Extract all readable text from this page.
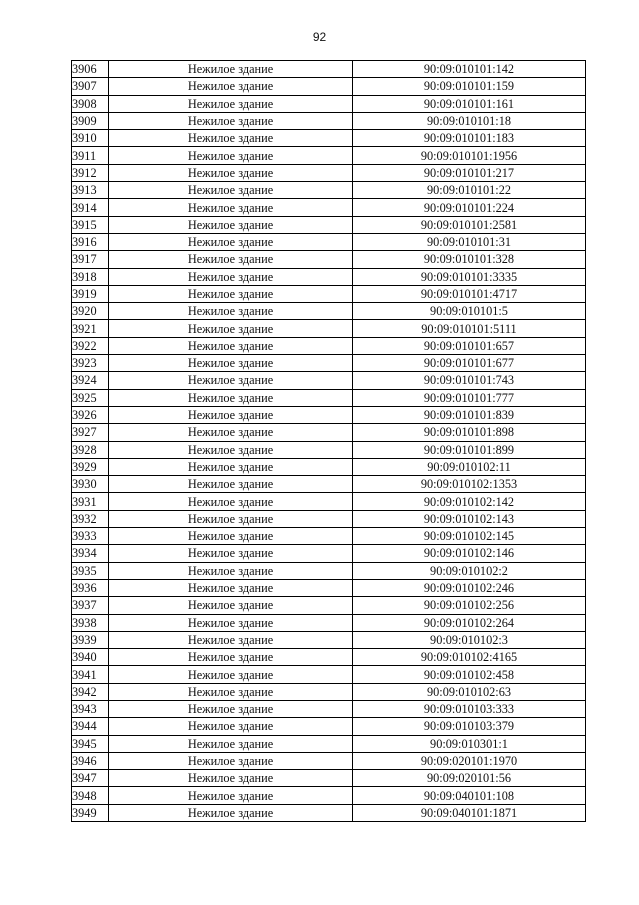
92
3906	Нежилое здание	90:09:010101:142
3907	Нежилое здание	90:09:010101:159
3908	Нежилое здание	90:09:010101:161
3909	Нежилое здание	90:09:010101:18
3910	Нежилое здание	90:09:010101:183
3911	Нежилое здание	90:09:010101:1956
3912	Нежилое здание	90:09:010101:217
3913	Нежилое здание	90:09:010101:22
3914	Нежилое здание	90:09:010101:224
3915	Нежилое здание	90:09:010101:2581
3916	Нежилое здание	90:09:010101:31
3917	Нежилое здание	90:09:010101:328
3918	Нежилое здание	90:09:010101:3335
3919	Нежилое здание	90:09:010101:4717
3920	Нежилое здание	90:09:010101:5
3921	Нежилое здание	90:09:010101:5111
3922	Нежилое здание	90:09:010101:657
3923	Нежилое здание	90:09:010101:677
3924	Нежилое здание	90:09:010101:743
3925	Нежилое здание	90:09:010101:777
3926	Нежилое здание	90:09:010101:839
3927	Нежилое здание	90:09:010101:898
3928	Нежилое здание	90:09:010101:899
3929	Нежилое здание	90:09:010102:11
3930	Нежилое здание	90:09:010102:1353
3931	Нежилое здание	90:09:010102:142
3932	Нежилое здание	90:09:010102:143
3933	Нежилое здание	90:09:010102:145
3934	Нежилое здание	90:09:010102:146
3935	Нежилое здание	90:09:010102:2
3936	Нежилое здание	90:09:010102:246
3937	Нежилое здание	90:09:010102:256
3938	Нежилое здание	90:09:010102:264
3939	Нежилое здание	90:09:010102:3
3940	Нежилое здание	90:09:010102:4165
3941	Нежилое здание	90:09:010102:458
3942	Нежилое здание	90:09:010102:63
3943	Нежилое здание	90:09:010103:333
3944	Нежилое здание	90:09:010103:379
3945	Нежилое здание	90:09:010301:1
3946	Нежилое здание	90:09:020101:1970
3947	Нежилое здание	90:09:020101:56
3948	Нежилое здание	90:09:040101:108
3949	Нежилое здание	90:09:040101:1871
